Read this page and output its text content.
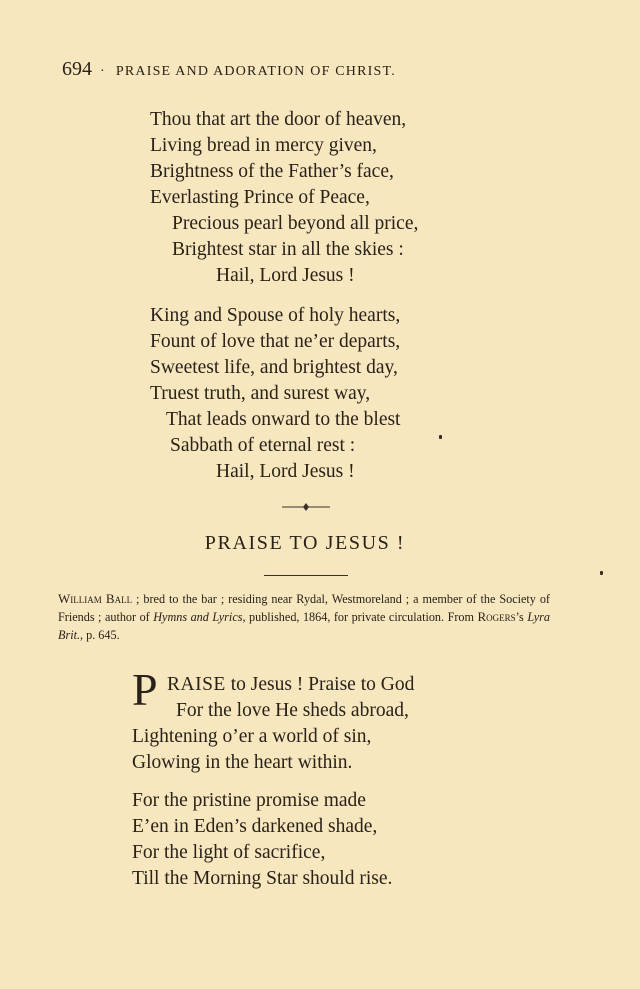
694 · PRAISE AND ADORATION OF CHRIST.
Thou that art the door of heaven,
Living bread in mercy given,
Brightness of the Father’s face,
Everlasting Prince of Peace,
Precious pearl beyond all price,
Brightest star in all the skies :
Hail, Lord Jesus !
King and Spouse of holy hearts,
Fount of love that ne’er departs,
Sweetest life, and brightest day,
Truest truth, and surest way,
That leads onward to the blest
Sabbath of eternal rest :
Hail, Lord Jesus !
PRAISE TO JESUS !
William Ball ; bred to the bar ; residing near Rydal, Westmoreland ; a member of the Society of Friends ; author of Hymns and Lyrics, published, 1864, for private circulation. From Rogers’s Lyra Brit., p. 645.
P RAISE to Jesus ! Praise to God
For the love He sheds abroad,
Lightening o’er a world of sin,
Glowing in the heart within.
For the pristine promise made
E’en in Eden’s darkened shade,
For the light of sacrifice,
Till the Morning Star should rise.
